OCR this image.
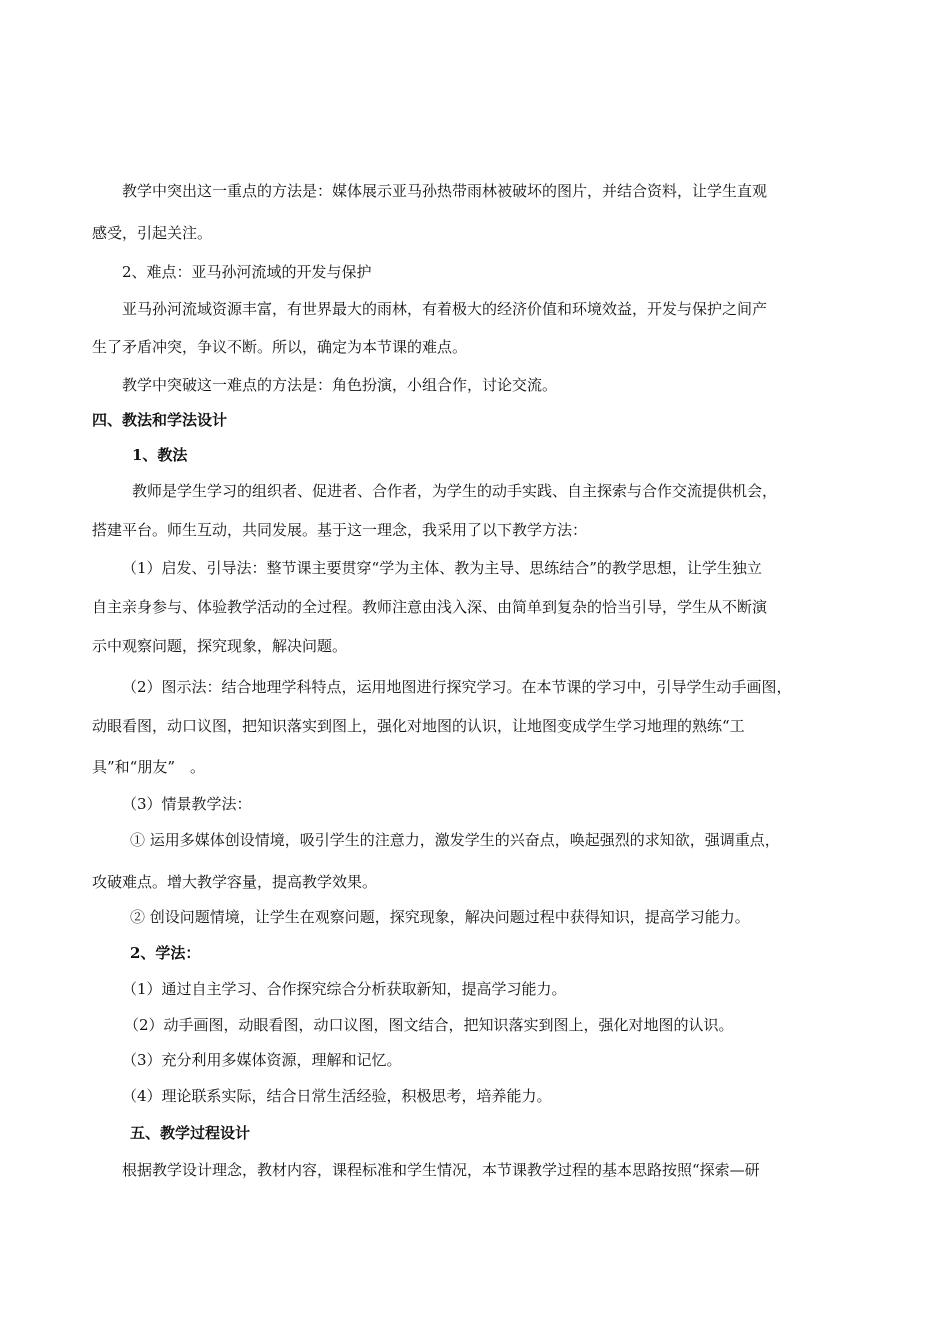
教学中突出这一重点的方法是：媒体展示亚马孙热带雨林被破坏的图片，并结合资料，让学生直观
感受，引起关注。
2、难点：亚马孙河流域的开发与保护
亚马孙河流域资源丰富，有世界最大的雨林，有着极大的经济价值和环境效益，开发与保护之间产
生了矛盾冲突，争议不断。所以，确定为本节课的难点。
教学中突破这一难点的方法是：角色扮演，小组合作，讨论交流。
四、教法和学法设计
1、教法
教师是学生学习的组织者、促进者、合作者，为学生的动手实践、自主探索与合作交流提供机会，
搭建平台。师生互动，共同发展。基于这一理念，我采用了以下教学方法：
（1）启发、引导法：整节课主要贯穿“学为主体、教为主导、思练结合”的教学思想，让学生独立
自主亲身参与、体验教学活动的全过程。教师注意由浅入深、由简单到复杂的恰当引导，学生从不断演
示中观察问题，探究现象，解决问题。
（2）图示法：结合地理学科特点，运用地图进行探究学习。在本节课的学习中，引导学生动手画图，
动眼看图，动口议图，把知识落实到图上，强化对地图的认识，让地图变成学生学习地理的熟练“工
具”和“朋友”　。
（3）情景教学法：
① 运用多媒体创设情境，吸引学生的注意力，激发学生的兴奋点，唤起强烈的求知欲，强调重点，
攻破难点。增大教学容量，提高教学效果。
② 创设问题情境，让学生在观察问题，探究现象，解决问题过程中获得知识，提高学习能力。
2、学法：
（1）通过自主学习、合作探究综合分析获取新知，提高学习能力。
（2）动手画图，动眼看图，动口议图，图文结合，把知识落实到图上，强化对地图的认识。
（3）充分利用多媒体资源，理解和记忆。
（4）理论联系实际，结合日常生活经验，积极思考，培养能力。
五、教学过程设计
根据教学设计理念，教材内容，课程标准和学生情况，本节课教学过程的基本思路按照“探索—研
